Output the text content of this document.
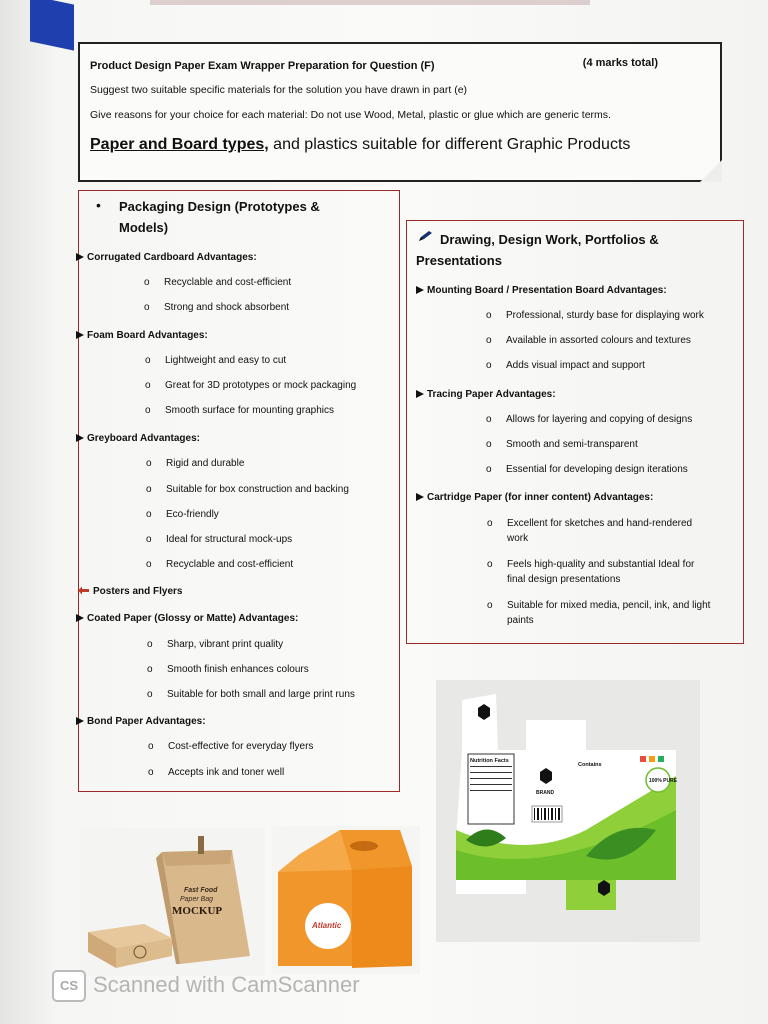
Product Design Paper Exam Wrapper Preparation for Question (F)	(4 marks total)
Suggest two suitable specific materials for the solution you have drawn in part (e)
Give reasons for your choice for each material: Do not use Wood, Metal, plastic or glue which are generic terms.
Paper and Board types, and plastics suitable for different Graphic Products
• Packaging Design (Prototypes &
Models)
Corrugated Cardboard Advantages:
o Recyclable and cost-efficient
o Strong and shock absorbent
Foam Board Advantages:
o Lightweight and easy to cut
o Great for 3D prototypes or mock packaging
o Smooth surface for mounting graphics
Greyboard Advantages:
o Rigid and durable
o Suitable for box construction and backing
o Eco-friendly
o Ideal for structural mock-ups
o Recyclable and cost-efficient
Posters and Flyers
Coated Paper (Glossy or Matte) Advantages:
o Sharp, vibrant print quality
o Smooth finish enhances colours
o Suitable for both small and large print runs
Bond Paper Advantages:
o Cost-effective for everyday flyers
o Accepts ink and toner well
Drawing, Design Work, Portfolios &
Presentations
Mounting Board / Presentation Board Advantages:
o Professional, sturdy base for displaying work
o Available in assorted colours and textures
o Adds visual impact and support
Tracing Paper Advantages:
o Allows for layering and copying of designs
o Smooth and semi-transparent
o Essential for developing design iterations
Cartridge Paper (for inner content) Advantages:
o Excellent for sketches and hand-rendered
work
o Feels high-quality and substantial Ideal for
final design presentations
o Suitable for mixed media, pencil, ink, and light
paints
Fast Food
Paper Bag
MOCKUP
Atlantic
Nutrition Facts
BRAND
Contains
100% PURE
CS Scanned with CamScanner
